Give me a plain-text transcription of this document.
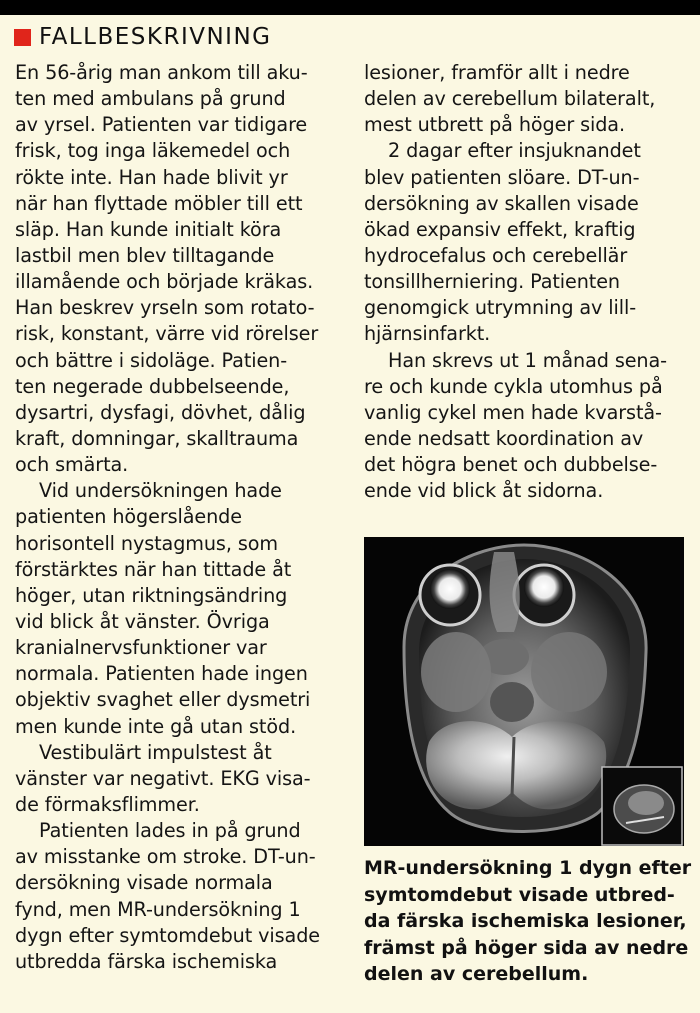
FALLBESKRIVNING
En 56-årig man ankom till aku-
ten med ambulans på grund
av yrsel. Patienten var tidigare
frisk, tog inga läkemedel och
rökte inte. Han hade blivit yr
när han flyttade möbler till ett
släp. Han kunde initialt köra
lastbil men blev tilltagande
illamående och började kräkas.
Han beskrev yrseln som rotato-
risk, konstant, värre vid rörelser
och bättre i sidoläge. Patien-
ten negerade dubbelseende,
dysartri, dysfagi, dövhet, dålig
kraft, domningar, skalltrauma
och smärta.
Vid undersökningen hade
patienten högerslående
horisontell nystagmus, som
förstärktes när han tittade åt
höger, utan riktningsändring
vid blick åt vänster. Övriga
kranialnervsfunktioner var
normala. Patienten hade ingen
objektiv svaghet eller dysmetri
men kunde inte gå utan stöd.
Vestibulärt impulstest åt
vänster var negativt. EKG visa-
de förmaksflimmer.
Patienten lades in på grund
av misstanke om stroke. DT-un-
dersökning visade normala
fynd, men MR-undersökning 1
dygn efter symtomdebut visade
utbredda färska ischemiska
lesioner, framför allt i nedre
delen av cerebellum bilateralt,
mest utbrett på höger sida.
2 dagar efter insjuknandet
blev patienten slöare. DT-un-
dersökning av skallen visade
ökad expansiv effekt, kraftig
hydrocefalus och cerebellär
tonsillherniering. Patienten
genomgick utrymning av lill-
hjärnsinfarkt.
Han skrevs ut 1 månad sena-
re och kunde cykla utomhus på
vanlig cykel men hade kvarstå-
ende nedsatt koordination av
det högra benet och dubbelse-
ende vid blick åt sidorna.
MR-undersökning 1 dygn efter
symtomdebut visade utbred-
da färska ischemiska lesioner,
främst på höger sida av nedre
delen av cerebellum.
